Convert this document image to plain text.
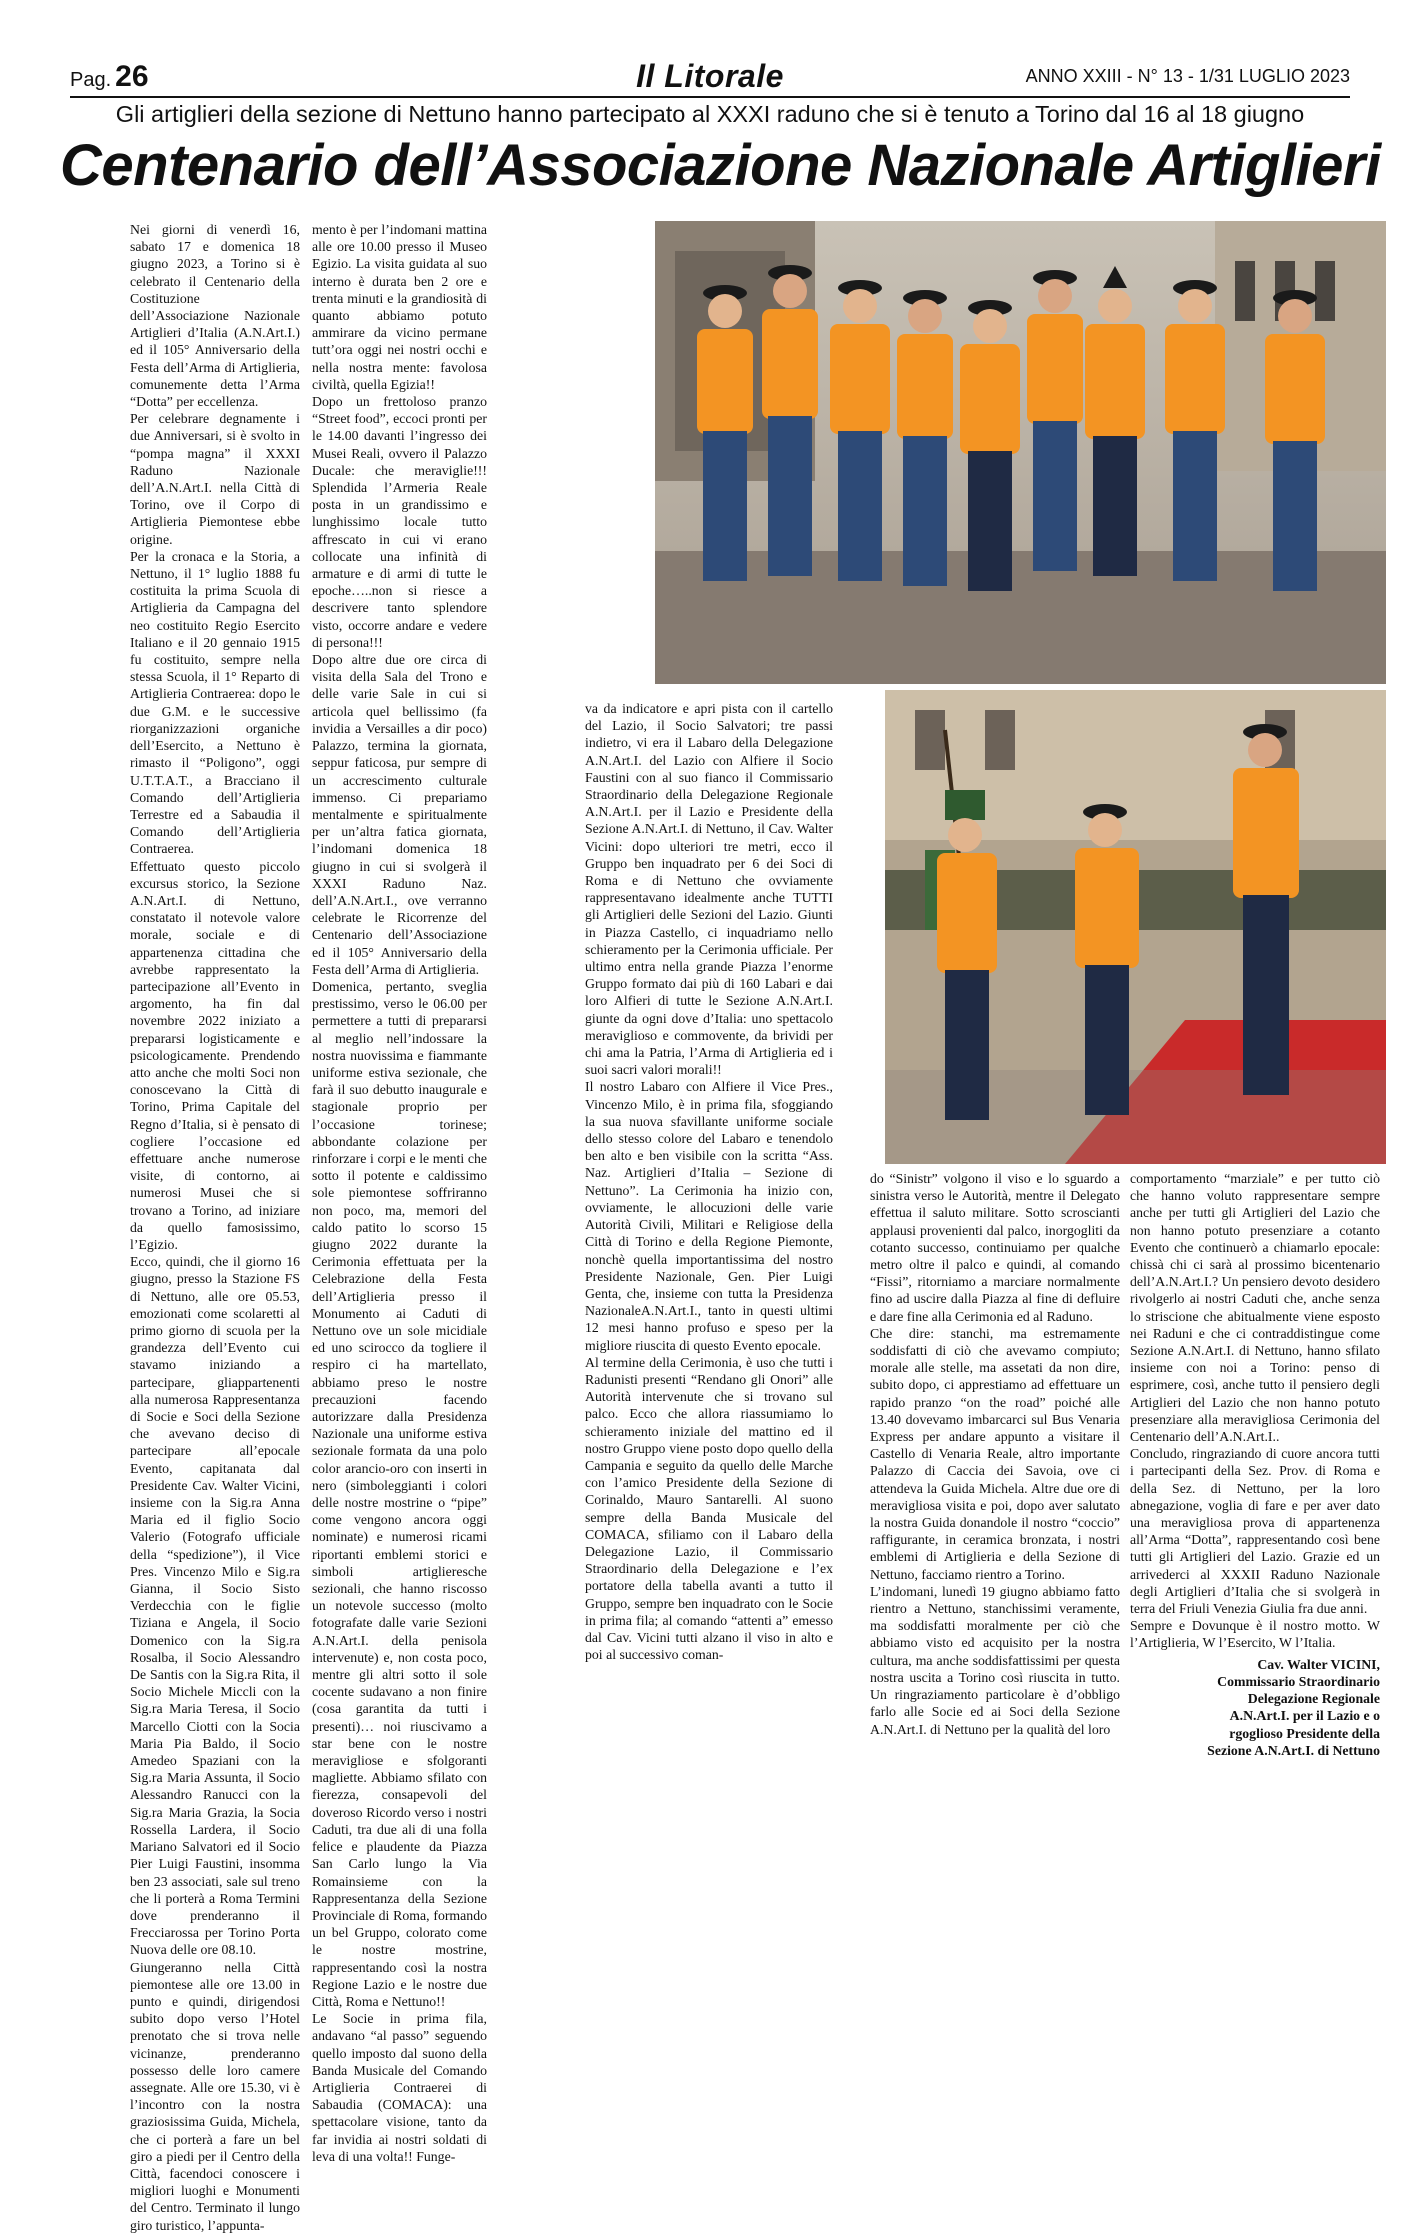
Pag. 26	Il Litorale	ANNO XXIII - N° 13 - 1/31 LUGLIO 2023
Gli artiglieri della sezione di Nettuno hanno partecipato al XXXI raduno che si è tenuto a Torino dal 16 al 18 giugno
Centenario dell’Associazione Nazionale Artiglieri

Nei giorni di venerdì 16, sabato 17 e domenica 18 giugno 2023, a Torino si è celebrato il Centenario della Costituzione dell’Associazione Nazionale Artiglieri d’Italia (A.N.Art.I.) ed il 105° Anniversario della Festa dell’Arma di Artiglieria, comunemente detta l’Arma “Dotta” per eccellenza.

Per celebrare degnamente i due Anniversari, si è svolto in “pompa magna” il XXXI Raduno Nazionale dell’A.N.Art.I. nella Città di Torino, ove il Corpo di Artiglieria Piemontese ebbe origine.

Per la cronaca e la Storia, a Nettuno, il 1° luglio 1888 fu costituita la prima Scuola di Artiglieria da Campagna del neo costituito Regio Esercito Italiano e il 20 gennaio 1915 fu costituito, sempre nella stessa Scuola, il 1° Reparto di Artiglieria Contraerea: dopo le due G.M. e le successive riorganizzazioni organiche dell’Esercito, a Nettuno è rimasto il “Poligono”, oggi U.T.T.A.T., a Bracciano il Comando dell’Artiglieria Terrestre ed a Sabaudia il Comando dell’Artiglieria Contraerea.

Effettuato questo piccolo excursus storico, la Sezione A.N.Art.I. di Nettuno, constatato il notevole valore morale, sociale e di appartenenza cittadina che avrebbe rappresentato la partecipazione all’Evento in argomento, ha fin dal novembre 2022 iniziato a prepararsi logisticamente e psicologicamente. Prendendo atto anche che molti Soci non conoscevano la Città di Torino, Prima Capitale del Regno d’Italia, si è pensato di cogliere l’occasione ed effettuare anche numerose visite, di contorno, ai numerosi Musei che si trovano a Torino, ad iniziare da quello famosissimo, l’Egizio.

Ecco, quindi, che il giorno 16 giugno, presso la Stazione FS di Nettuno, alle ore 05.53, emozionati come scolaretti al primo giorno di scuola per la grandezza dell’Evento cui stavamo iniziando a partecipare, gliappartenenti alla numerosa Rappresentanza di Socie e Soci della Sezione che avevano deciso di partecipare all’epocale Evento, capitanata dal Presidente Cav. Walter Vicini, insieme con la Sig.ra Anna Maria ed il figlio Socio Valerio (Fotografo ufficiale della “spedizione”), il Vice Pres. Vincenzo Milo e Sig.ra Gianna, il Socio Sisto Verdecchia con le figlie Tiziana e Angela, il Socio Domenico con la Sig.ra Rosalba, il Socio Alessandro De Santis con la Sig.ra Rita, il Socio Michele Miccli con la Sig.ra Maria Teresa, il Socio Marcello Ciotti con la Socia Maria Pia Baldo, il Socio Amedeo Spaziani con la Sig.ra Maria Assunta, il Socio Alessandro Ranucci con la Sig.ra Maria Grazia, la Socia Rossella Lardera, il Socio Mariano Salvatori ed il Socio Pier Luigi Faustini, insomma ben 23 associati, sale sul treno che li porterà a Roma Termini dove prenderanno il Frecciarossa per Torino Porta Nuova delle ore 08.10.

Giungeranno nella Città piemontese alle ore 13.00 in punto e quindi, dirigendosi subito dopo verso l’Hotel prenotato che si trova nelle vicinanze, prenderanno possesso delle loro camere assegnate. Alle ore 15.30, vi è l’incontro con la nostra graziosissima Guida, Michela, che ci porterà a fare un bel giro a piedi per il Centro della Città, facendoci conoscere i migliori luoghi e Monumenti del Centro. Terminato il lungo giro turistico, l’appunta-

mento è per l’indomani mattina alle ore 10.00 presso il Museo Egizio. La visita guidata al suo interno è durata ben 2 ore e trenta minuti e la grandiosità di quanto abbiamo potuto ammirare da vicino permane tutt’ora oggi nei nostri occhi e nella nostra mente: favolosa civiltà, quella Egizia!!

Dopo un frettoloso pranzo “Street food”, eccoci pronti per le 14.00 davanti l’ingresso dei Musei Reali, ovvero il Palazzo Ducale: che meraviglie!!! Splendida l’Armeria Reale posta in un grandissimo e lunghissimo locale tutto affrescato in cui vi erano collocate una infinità di armature e di armi di tutte le epoche…..non si riesce a descrivere tanto splendore visto, occorre andare e vedere di persona!!!

Dopo altre due ore circa di visita della Sala del Trono e delle varie Sale in cui si articola quel bellissimo (fa invidia a Versailles a dir poco) Palazzo, termina la giornata, seppur faticosa, pur sempre di un accrescimento culturale immenso. Ci prepariamo mentalmente e spiritualmente per un’altra fatica giornata, l’indomani domenica 18 giugno in cui si svolgerà il XXXI Raduno Naz. dell’A.N.Art.I., ove verranno celebrate le Ricorrenze del Centenario dell’Associazione ed il 105° Anniversario della Festa dell’Arma di Artiglieria.

Domenica, pertanto, sveglia prestissimo, verso le 06.00 per permettere a tutti di prepararsi al meglio nell’indossare la nostra nuovissima e fiammante uniforme estiva sezionale, che farà il suo debutto inaugurale e stagionale proprio per l’occasione torinese; abbondante colazione per rinforzare i corpi e le menti che sotto il potente e caldissimo sole piemontese soffriranno non poco, ma, memori del caldo patito lo scorso 15 giugno 2022 durante la Cerimonia effettuata per la Celebrazione della Festa dell’Artiglieria presso il Monumento ai Caduti di Nettuno ove un sole micidiale ed uno scirocco da togliere il respiro ci ha martellato, abbiamo preso le nostre precauzioni facendo autorizzare dalla Presidenza Nazionale una uniforme estiva sezionale formata da una polo color arancio-oro con inserti in nero (simboleggianti i colori delle nostre mostrine o “pipe” come vengono ancora oggi nominate) e numerosi ricami riportanti emblemi storici e simboli artiglieresche sezionali, che hanno riscosso un notevole successo (molto fotografate dalle varie Sezioni A.N.Art.I. della penisola intervenute) e, non costa poco, mentre gli altri sotto il sole cocente sudavano a non finire (cosa garantita da tutti i presenti)… noi riuscivamo a star bene con le nostre meravigliose e sfolgoranti magliette. Abbiamo sfilato con fierezza, consapevoli del doveroso Ricordo verso i nostri Caduti, tra due ali di una folla felice e plaudente da Piazza San Carlo lungo la Via Romainsieme con la Rappresentanza della Sezione Provinciale di Roma, formando un bel Gruppo, colorato come le nostre mostrine, rappresentando così la nostra Regione Lazio e le nostre due Città, Roma e Nettuno!!

Le Socie in prima fila, andavano “al passo” seguendo quello imposto dal suono della Banda Musicale del Comando Artiglieria Contraerei di Sabaudia (COMACA): una spettacolare visione, tanto da far invidia ai nostri soldati di leva di una volta!! Funge-

va da indicatore e apri pista con il cartello del Lazio, il Socio Salvatori; tre passi indietro, vi era il Labaro della Delegazione A.N.Art.I. del Lazio con Alfiere il Socio Faustini con al suo fianco il Commissario Straordinario della Delegazione Regionale A.N.Art.I. per il Lazio e Presidente della Sezione A.N.Art.I. di Nettuno, il Cav. Walter Vicini: dopo ulteriori tre metri, ecco il Gruppo ben inquadrato per 6 dei Soci di Roma e di Nettuno che ovviamente rappresentavano idealmente anche TUTTI gli Artiglieri delle Sezioni del Lazio. Giunti in Piazza Castello, ci inquadriamo nello schieramento per la Cerimonia ufficiale. Per ultimo entra nella grande Piazza l’enorme Gruppo formato dai più di 160 Labari e dai loro Alfieri di tutte le Sezione A.N.Art.I. giunte da ogni dove d’Italia: uno spettacolo meraviglioso e commovente, da brividi per chi ama la Patria, l’Arma di Artiglieria ed i suoi sacri valori morali!!

Il nostro Labaro con Alfiere il Vice Pres., Vincenzo Milo, è in prima fila, sfoggiando la sua nuova sfavillante uniforme sociale dello stesso colore del Labaro e tenendolo ben alto e ben visibile con la scritta “Ass. Naz. Artiglieri d’Italia – Sezione di Nettuno”. La Cerimonia ha inizio con, ovviamente, le allocuzioni delle varie Autorità Civili, Militari e Religiose della Città di Torino e della Regione Piemonte, nonchè quella importantissima del nostro Presidente Nazionale, Gen. Pier Luigi Genta, che, insieme con tutta la Presidenza NazionaleA.N.Art.I., tanto in questi ultimi 12 mesi hanno profuso e speso per la migliore riuscita di questo Evento epocale.

Al termine della Cerimonia, è uso che tutti i Radunisti presenti “Rendano gli Onori” alle Autorità intervenute che si trovano sul palco. Ecco che allora riassumiamo lo schieramento iniziale del mattino ed il nostro Gruppo viene posto dopo quello della Campania e seguito da quello delle Marche con l’amico Presidente della Sezione di Corinaldo, Mauro Santarelli. Al suono sempre della Banda Musicale del COMACA, sfiliamo con il Labaro della Delegazione Lazio, il Commissario Straordinario della Delegazione e l’ex portatore della tabella avanti a tutto il Gruppo, sempre ben inquadrato con le Socie in prima fila; al comando “attenti a” emesso dal Cav. Vicini tutti alzano il viso in alto e poi al successivo coman-

do “Sinistr” volgono il viso e lo sguardo a sinistra verso le Autorità, mentre il Delegato effettua il saluto militare. Sotto scroscianti applausi provenienti dal palco, inorgogliti da cotanto successo, continuiamo per qualche metro oltre il palco e quindi, al comando “Fissi”, ritorniamo a marciare normalmente fino ad uscire dalla Piazza al fine di defluire e dare fine alla Cerimonia ed al Raduno.

Che dire: stanchi, ma estremamente soddisfatti di ciò che avevamo compiuto; morale alle stelle, ma assetati da non dire, subito dopo, ci apprestiamo ad effettuare un rapido pranzo “on the road” poiché alle 13.40 dovevamo imbarcarci sul Bus Venaria Express per andare appunto a visitare il Castello di Venaria Reale, altro importante Palazzo di Caccia dei Savoia, ove ci attendeva la Guida Michela. Altre due ore di meravigliosa visita e poi, dopo aver salutato la nostra Guida donandole il nostro “coccio” raffigurante, in ceramica bronzata, i nostri emblemi di Artiglieria e della Sezione di Nettuno, facciamo rientro a Torino.

L’indomani, lunedì 19 giugno abbiamo fatto rientro a Nettuno, stanchissimi veramente, ma soddisfatti moralmente per ciò che abbiamo visto ed acquisito per la nostra cultura, ma anche soddisfattissimi per questa nostra uscita a Torino così riuscita in tutto. Un ringraziamento particolare è d’obbligo farlo alle Socie ed ai Soci della Sezione A.N.Art.I. di Nettuno per la qualità del loro

comportamento “marziale” e per tutto ciò che hanno voluto rappresentare sempre anche per tutti gli Artiglieri del Lazio che non hanno potuto presenziare a cotanto Evento che continuerò a chiamarlo epocale: chissà chi ci sarà al prossimo bicentenario dell’A.N.Art.I.? Un pensiero devoto desidero rivolgerlo ai nostri Caduti che, anche senza lo striscione che abitualmente viene esposto nei Raduni e che ci contraddistingue come Sezione A.N.Art.I. di Nettuno, hanno sfilato insieme con noi a Torino: penso di esprimere, così, anche tutto il pensiero degli Artiglieri del Lazio che non hanno potuto presenziare alla meravigliosa Cerimonia del Centenario dell’A.N.Art.I..

Concludo, ringraziando di cuore ancora tutti i partecipanti della Sez. Prov. di Roma e della Sez. di Nettuno, per la loro abnegazione, voglia di fare e per aver dato una meravigliosa prova di appartenenza all’Arma “Dotta”, rappresentando così bene tutti gli Artiglieri del Lazio. Grazie ed un arrivederci al XXXII Raduno Nazionale degli Artiglieri d’Italia che si svolgerà in terra del Friuli Venezia Giulia fra due anni.

Sempre e Dovunque è il nostro motto. W l’Artiglieria, W l’Esercito, W l’Italia.

Cav. Walter VICINI,
Commissario Straordinario
Delegazione Regionale
A.N.Art.I. per il Lazio e o
rgoglioso Presidente della
Sezione A.N.Art.I. di Nettuno
